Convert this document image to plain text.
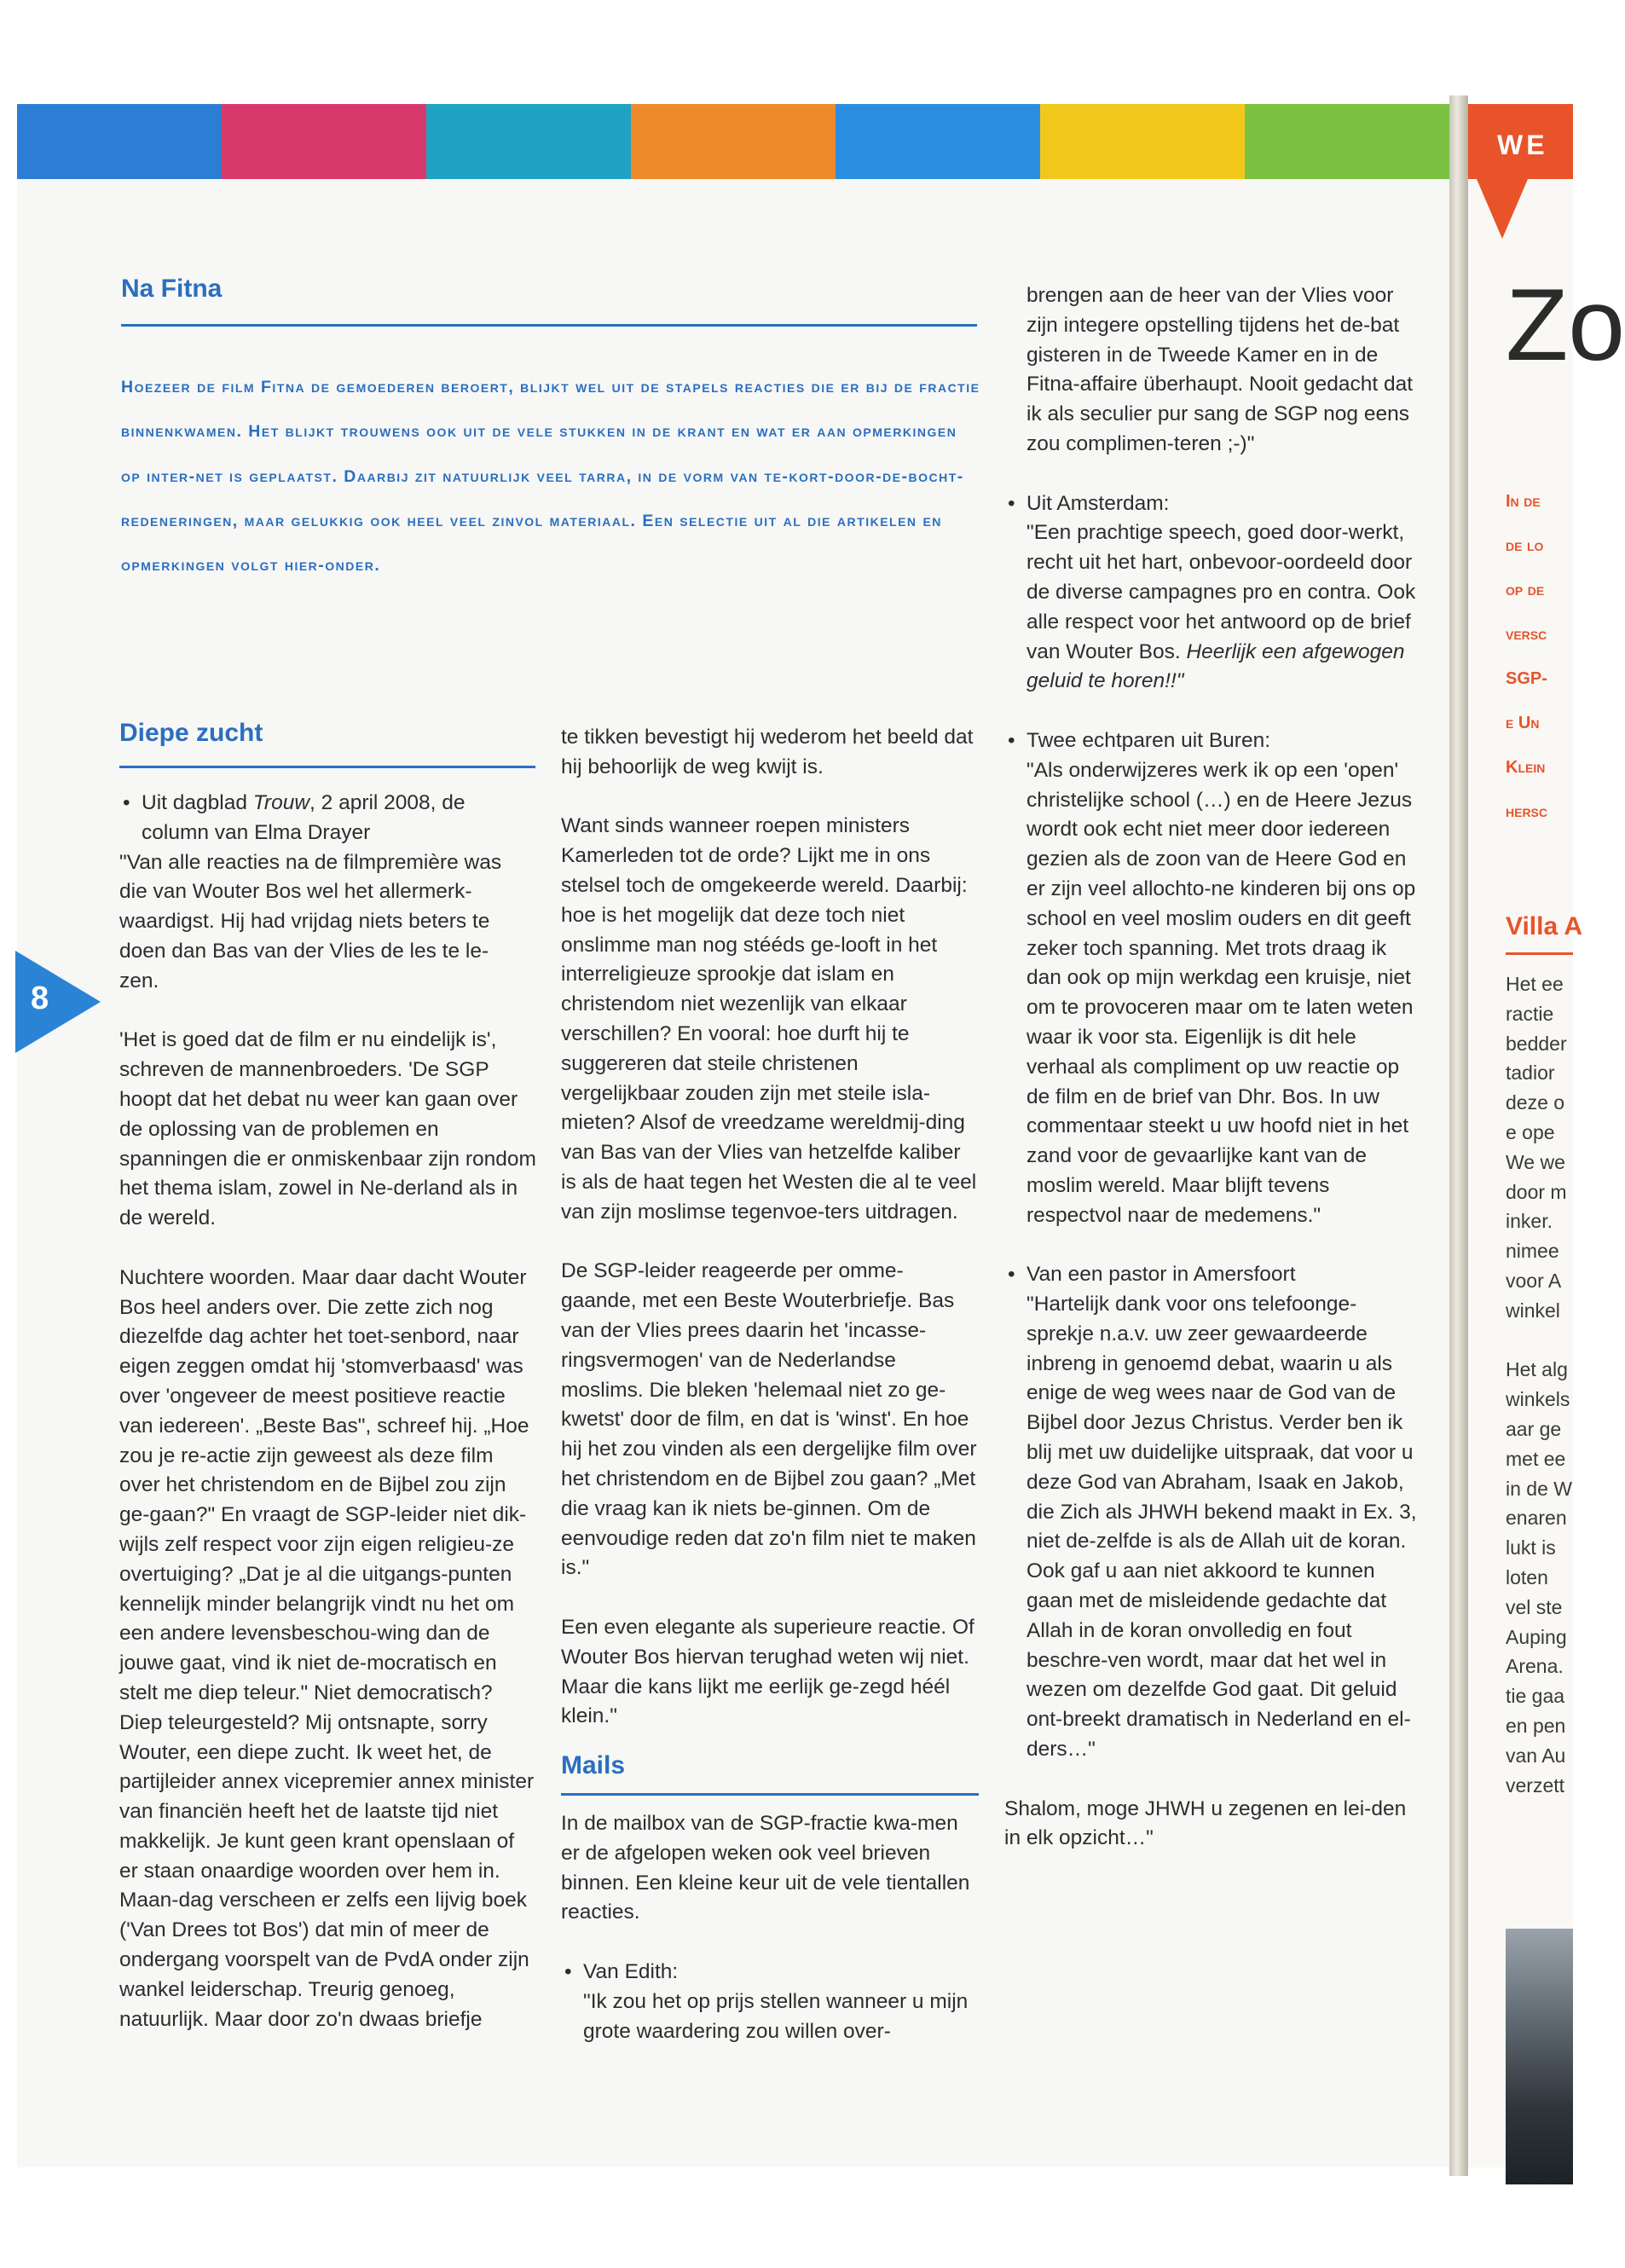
8
Na Fitna
Hoezeer de film Fitna de gemoederen beroert, blijkt wel uit de stapels reacties die er bij de fractie binnenkwamen. Het blijkt trouwens ook uit de vele stukken in de krant en wat er aan opmerkingen op inter-net is geplaatst. Daarbij zit natuurlijk veel tarra, in de vorm van te-kort-door-de-bocht-redeneringen, maar gelukkig ook heel veel zinvol materiaal. Een selectie uit al die artikelen en opmerkingen volgt hier-onder.
Diepe zucht
• Uit dagblad Trouw, 2 april 2008, de column van Elma Drayer

"Van alle reacties na de filmpremière was die van Wouter Bos wel het allermerk-waardigst. Hij had vrijdag niets beters te doen dan Bas van der Vlies de les te le-zen.

'Het is goed dat de film er nu eindelijk is', schreven de mannenbroeders. 'De SGP hoopt dat het debat nu weer kan gaan over de oplossing van de problemen en spanningen die er onmiskenbaar zijn rondom het thema islam, zowel in Ne-derland als in de wereld.

Nuchtere woorden. Maar daar dacht Wouter Bos heel anders over. Die zette zich nog diezelfde dag achter het toet-senbord, naar eigen zeggen omdat hij 'stomverbaasd' was over 'ongeveer de meest positieve reactie van iedereen'. „Beste Bas", schreef hij. „Hoe zou je re-actie zijn geweest als deze film over het christendom en de Bijbel zou zijn ge-gaan?" En vraagt de SGP-leider niet dik-wijls zelf respect voor zijn eigen religieu-ze overtuiging? „Dat je al die uitgangs-punten kennelijk minder belangrijk vindt nu het om een andere levensbeschou-wing dan de jouwe gaat, vind ik niet de-mocratisch en stelt me diep teleur." Niet democratisch? Diep teleurgesteld? Mij ontsnapte, sorry Wouter, een diepe zucht. Ik weet het, de partijleider annex vicepremier annex minister van financiën heeft het de laatste tijd niet makkelijk. Je kunt geen krant openslaan of er staan onaardige woorden over hem in. Maan-dag verscheen er zelfs een lijvig boek ('Van Drees tot Bos') dat min of meer de ondergang voorspelt van de PvdA onder zijn wankel leiderschap. Treurig genoeg, natuurlijk. Maar door zo'n dwaas briefje

te tikken bevestigt hij wederom het beeld dat hij behoorlijk de weg kwijt is.

Want sinds wanneer roepen ministers Kamerleden tot de orde? Lijkt me in ons stelsel toch de omgekeerde wereld. Daarbij: hoe is het mogelijk dat deze toch niet onslimme man nog stééds ge-looft in het interreligieuze sprookje dat islam en christendom niet wezenlijk van elkaar verschillen? En vooral: hoe durft hij te suggereren dat steile christenen vergelijkbaar zouden zijn met steile isla-mieten? Alsof de vreedzame wereldmij-ding van Bas van der Vlies van hetzelfde kaliber is als de haat tegen het Westen die al te veel van zijn moslimse tegenvoe-ters uitdragen.

De SGP-leider reageerde per omme-gaande, met een Beste Wouterbriefje. Bas van der Vlies prees daarin het 'incasse-ringsvermogen' van de Nederlandse moslims. Die bleken 'helemaal niet zo ge-kwetst' door de film, en dat is 'winst'. En hoe hij het zou vinden als een dergelijke film over het christendom en de Bijbel zou gaan? „Met die vraag kan ik niets be-ginnen. Om de eenvoudige reden dat zo'n film niet te maken is."

Een even elegante als superieure reactie. Of Wouter Bos hiervan terughad weten wij niet. Maar die kans lijkt me eerlijk ge-zegd héél klein."

Mails

In de mailbox van de SGP-fractie kwa-men er de afgelopen weken ook veel brieven binnen. Een kleine keur uit de vele tientallen reacties.

• Van Edith:
"Ik zou het op prijs stellen wanneer u mijn grote waardering zou willen over-
brengen aan de heer van der Vlies voor zijn integere opstelling tijdens het de-bat gisteren in de Tweede Kamer en in de Fitna-affaire überhaupt. Nooit gedacht dat ik als seculier pur sang de SGP nog eens zou complimen-teren ;-)"
• Uit Amsterdam:
"Een prachtige speech, goed door-werkt, recht uit het hart, onbevoor-oordeeld door de diverse campagnes pro en contra. Ook alle respect voor het antwoord op de brief van Wouter Bos. Heerlijk een afgewogen geluid te horen!!"
• Twee echtparen uit Buren:
"Als onderwijzeres werk ik op een 'open' christelijke school (…) en de Heere Jezus wordt ook echt niet meer door iedereen gezien als de zoon van de Heere God en er zijn veel allochto-ne kinderen bij ons op school en veel moslim ouders en dit geeft zeker toch spanning. Met trots draag ik dan ook op mijn werkdag een kruisje, niet om te provoceren maar om te laten weten waar ik voor sta. Eigenlijk is dit hele verhaal als compliment op uw reactie op de film en de brief van Dhr. Bos. In uw commentaar steekt u uw hoofd niet in het zand voor de gevaarlijke kant van de moslim wereld. Maar blijft tevens respectvol naar de medemens."
• Van een pastor in Amersfoort
"Hartelijk dank voor ons telefoonge-sprekje n.a.v. uw zeer gewaardeerde inbreng in genoemd debat, waarin u als enige de weg wees naar de God van de Bijbel door Jezus Christus. Verder ben ik blij met uw duidelijke uitspraak, dat voor u deze God van Abraham, Isaak en Jakob, die Zich als JHWH bekend maakt in Ex. 3, niet de-zelfde is als de Allah uit de koran. Ook gaf u aan niet akkoord te kunnen gaan met de misleidende gedachte dat Allah in de koran onvolledig en fout beschre-ven wordt, maar dat het wel in wezen om dezelfde God gaat. Dit geluid ont-breekt dramatisch in Nederland en el-ders…"
Shalom, moge JHWH u zegenen en lei-den in elk opzicht…"
WE
Zo
In de
de lo
op de
versc
SGP-
e Un
Klein
hersc
Villa A
Het ee
ractie
bedder
tadior
deze o
e ope
We we
door m
inker.
nimee
voor A
winkel
Het alg
winkels
aar ge
met ee
in de W
enaren
lukt is
loten
vel ste
Auping
Arena.
tie gaa
en pen
van Au
verzett
